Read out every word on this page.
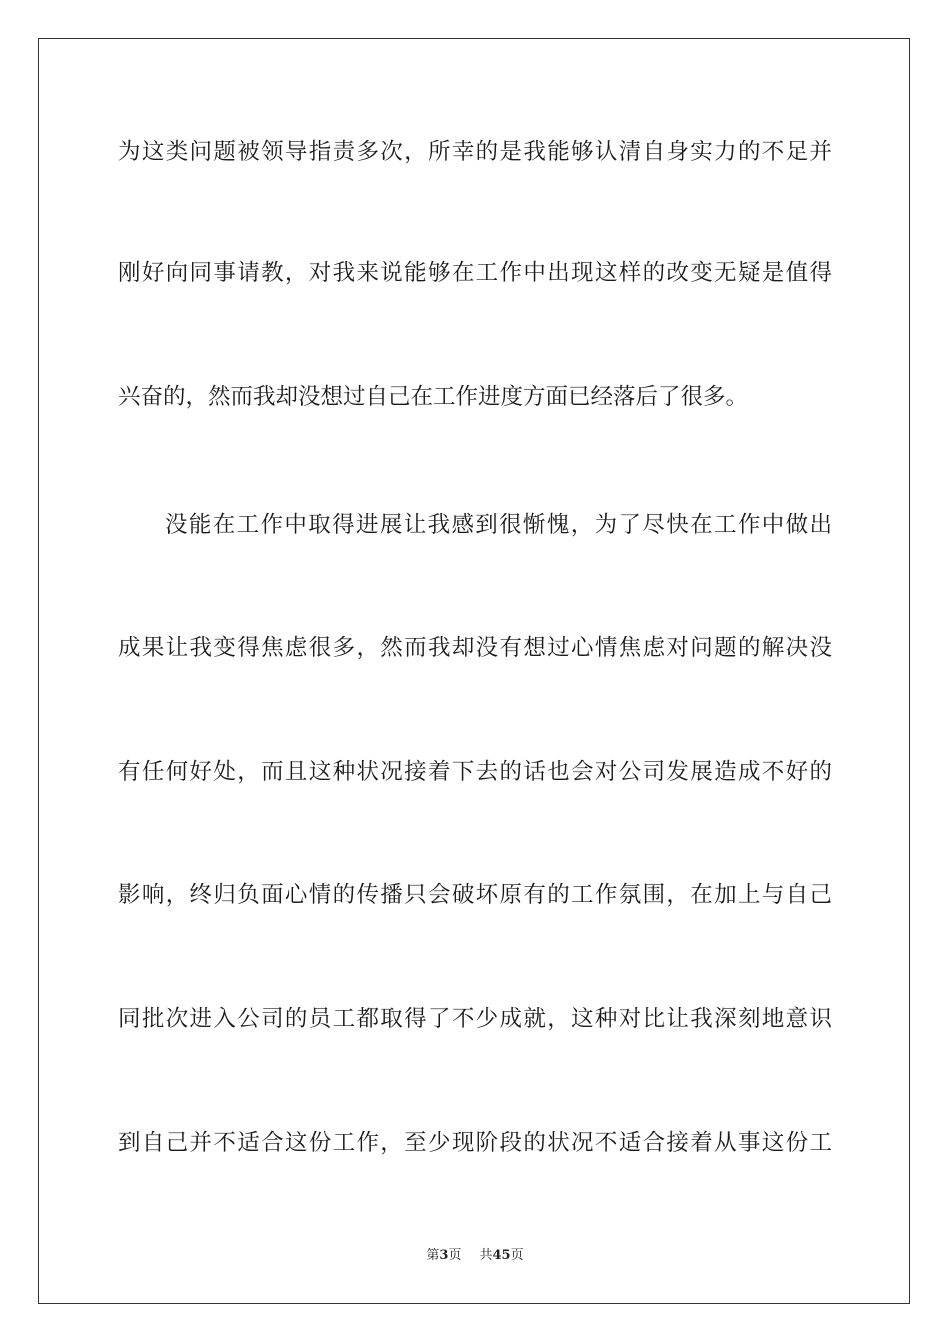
为这类问题被领导指责多次，所幸的是我能够认清自身实力的不足并
刚好向同事请教，对我来说能够在工作中出现这样的改变无疑是值得
兴奋的，然而我却没想过自己在工作进度方面已经落后了很多。
没能在工作中取得进展让我感到很惭愧，为了尽快在工作中做出
成果让我变得焦虑很多，然而我却没有想过心情焦虑对问题的解决没
有任何好处，而且这种状况接着下去的话也会对公司发展造成不好的
影响，终归负面心情的传播只会破坏原有的工作氛围，在加上与自己
同批次进入公司的员工都取得了不少成就，这种对比让我深刻地意识
到自己并不适合这份工作，至少现阶段的状况不适合接着从事这份工
第3页 共45页
